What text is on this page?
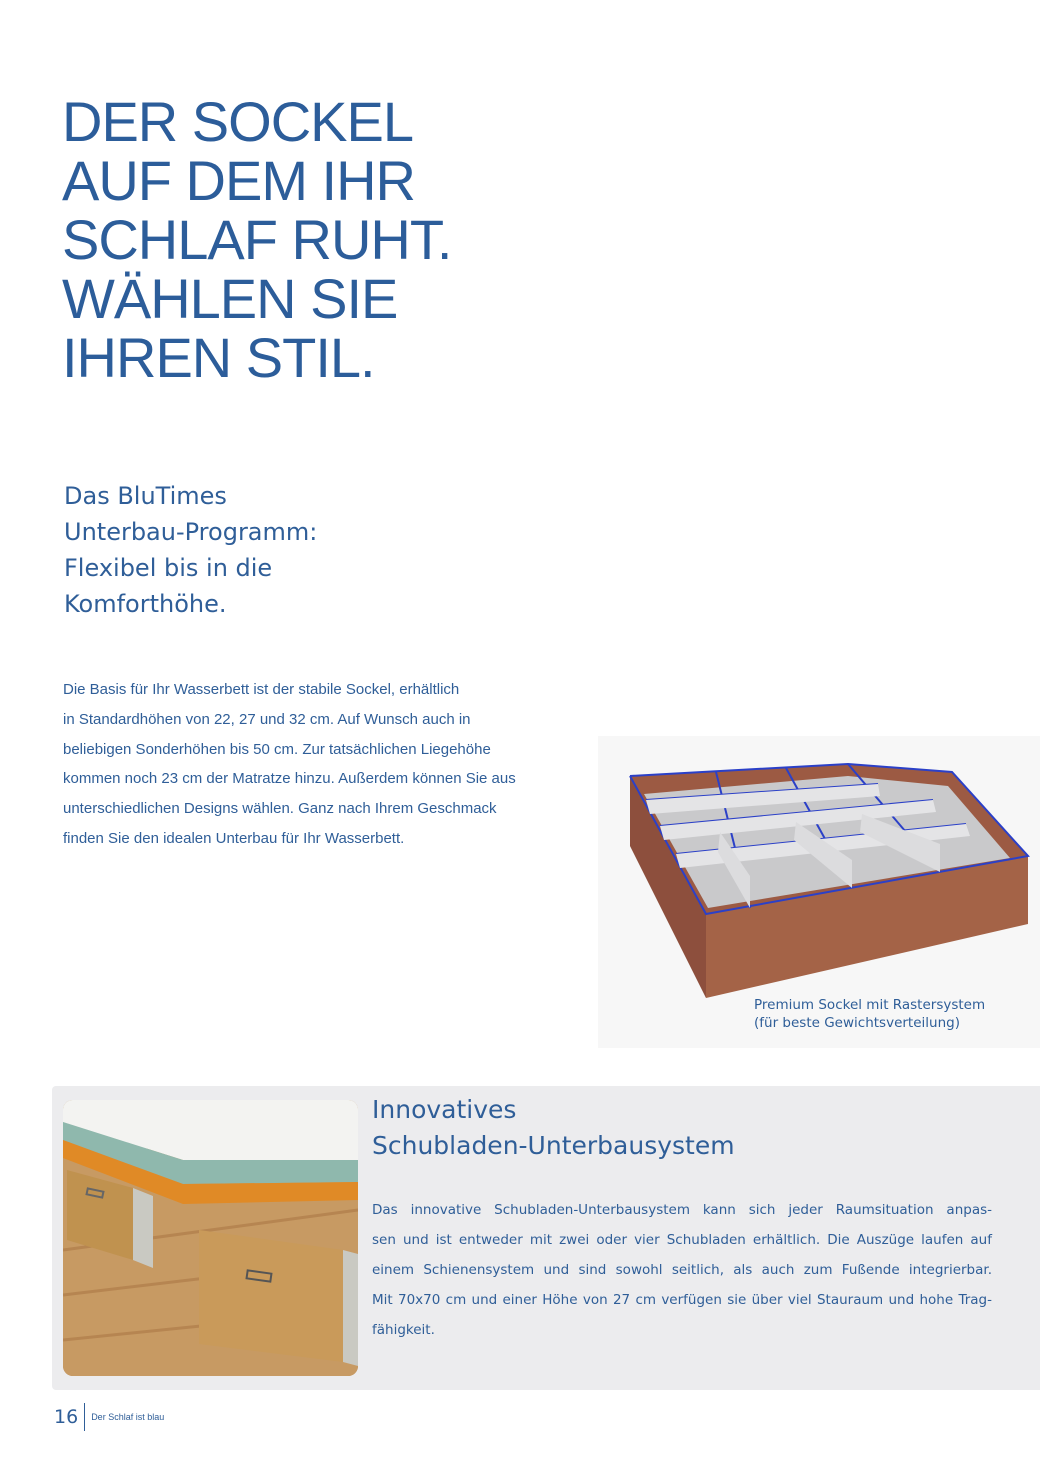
DER SOCKEL
AUF DEM IHR
SCHLAF RUHT.
WÄHLEN SIE
IHREN STIL.
Das BluTimes
Unterbau-Programm:
Flexibel bis in die
Komforthöhe.

Die Basis für Ihr Wasserbett ist der stabile Sockel, erhältlich
in Standardhöhen von 22, 27 und 32 cm. Auf Wunsch auch in
beliebigen Sonderhöhen bis 50 cm. Zur tatsächlichen Liegehöhe
kommen noch 23 cm der Matratze hinzu. Außerdem können Sie aus
unterschiedlichen Designs wählen. Ganz nach Ihrem Geschmack
finden Sie den idealen Unterbau für Ihr Wasserbett.

Premium Sockel mit Rastersystem
(für beste Gewichtsverteilung)
Innovatives
Schubladen-Unterbausystem

Das innovative Schubladen-Unterbausystem kann sich jeder Raumsituation anpas-
sen und ist entweder mit zwei oder vier Schubladen erhältlich. Die Auszüge laufen auf
einem Schienensystem und sind sowohl seitlich, als auch zum Fußende integrierbar.
Mit 70x70 cm und einer Höhe von 27 cm verfügen sie über viel Stauraum und hohe Trag-
fähigkeit.

16	Der Schlaf ist blau
